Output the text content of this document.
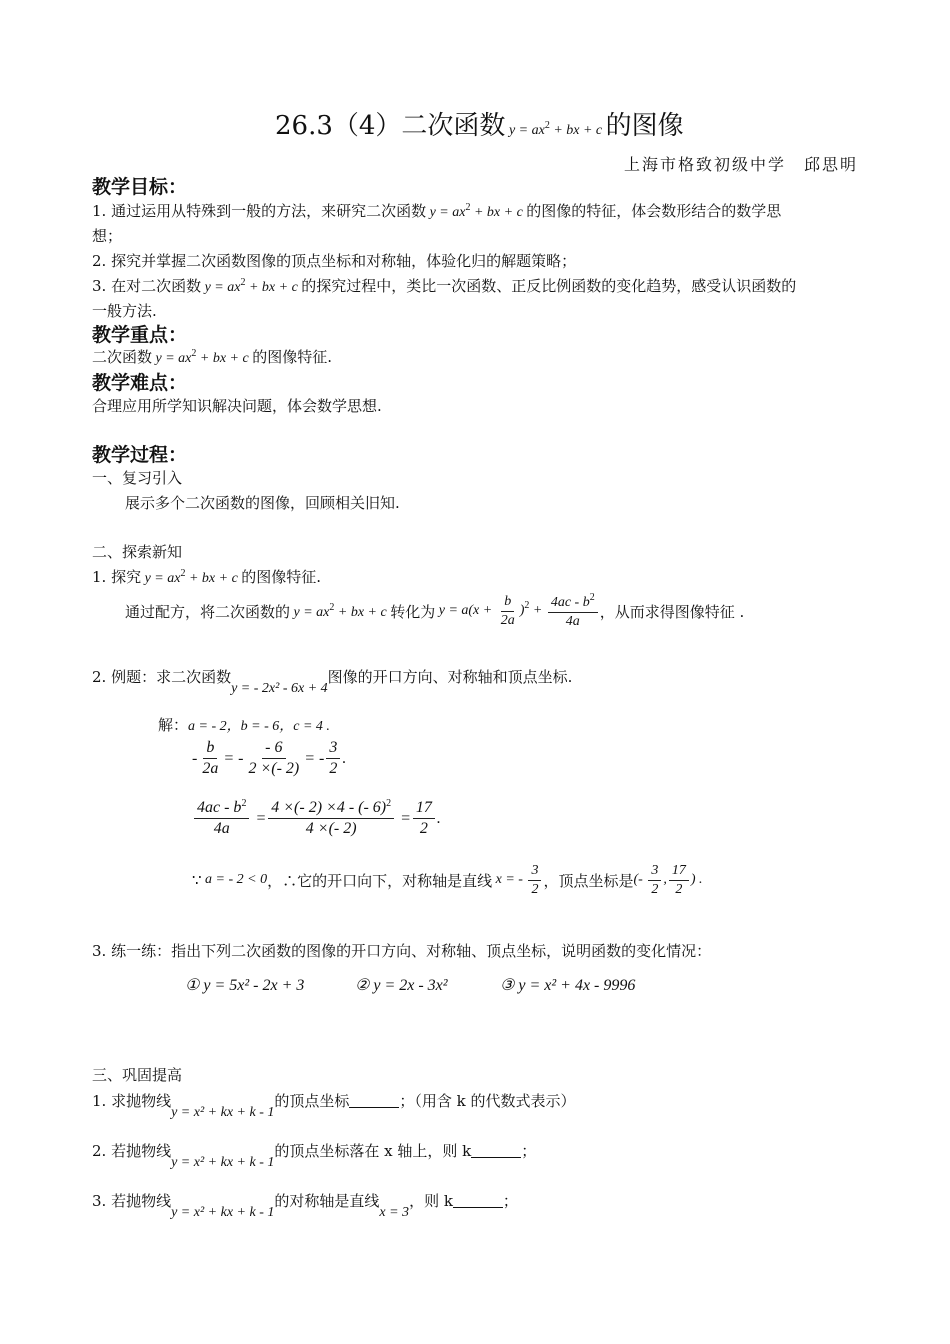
26.3（4）二次函数 $y = ax^2$ + bx + c 的图像
上海市格致初级中学　邱思明
教学目标：
1. 通过运用从特殊到一般的方法，来研究二次函数 $y = ax^2$ + bx + c 的图像的特征，体会数形结合的数学思
想；
2. 探究并掌握二次函数图像的顶点坐标和对称轴，体验化归的解题策略；
3. 在对二次函数 $y = ax^2$ + bx + c 的探究过程中，类比一次函数、正反比例函数的变化趋势，感受认识函数的
一般方法.
教学重点：
二次函数 $y = ax^2$ + bx + c 的图像特征.
教学难点：
合理应用所学知识解决问题，体会数学思想.
教学过程：
一、复习引入
展示多个二次函数的图像，回顾相关旧知.
二、探索新知
1. 探究 $y = ax^2$ + bx + c 的图像特征.
通过配方，将二次函数的 $y = ax^2$ + bx + c 转化为 $y = a(x + \frac{b}{2a} )^2 + \frac{4ac - b^2}{4a}$ ，从而求得图像特征 .
2. 例题：求二次函数y = - 2x² - 6x + 4图像的开口方向、对称轴和顶点坐标.
解：a = - 2，b = - 6，c = 4 .
- $\frac{b}{2a}$ = - $\frac{- 6}{2 \times(- 2)}$ = - $\frac{3}{2}$ .
$\frac{4ac - b^2}{4a} = \frac{4 \times(- 2) \times 4 - (- 6)^2}{4 \times(- 2)} = \frac{17}{2}$ .
∵ a = - 2 < 0 ，∴ 它的开口向下，对称轴是直线 x = - $\frac{3}{2}$ ，顶点坐标是 (- $\frac{3}{2}$ , $\frac{17}{2}$ ) .
3. 练一练：指出下列二次函数的图像的开口方向、对称轴、顶点坐标，说明函数的变化情况：
① y = 5x² - 2x + 3	② y = 2x - 3x²	③ y = x² + 4x - 9996
三、巩固提高
1. 求抛物线y = x² + kx + k - 1的顶点坐标	；（用含 k 的代数式表示）
2. 若抛物线y = x² + kx + k - 1的顶点坐标落在 x 轴上，则 k	；
3. 若抛物线y = x² + kx + k - 1的对称轴是直线x = 3，则 k	；
